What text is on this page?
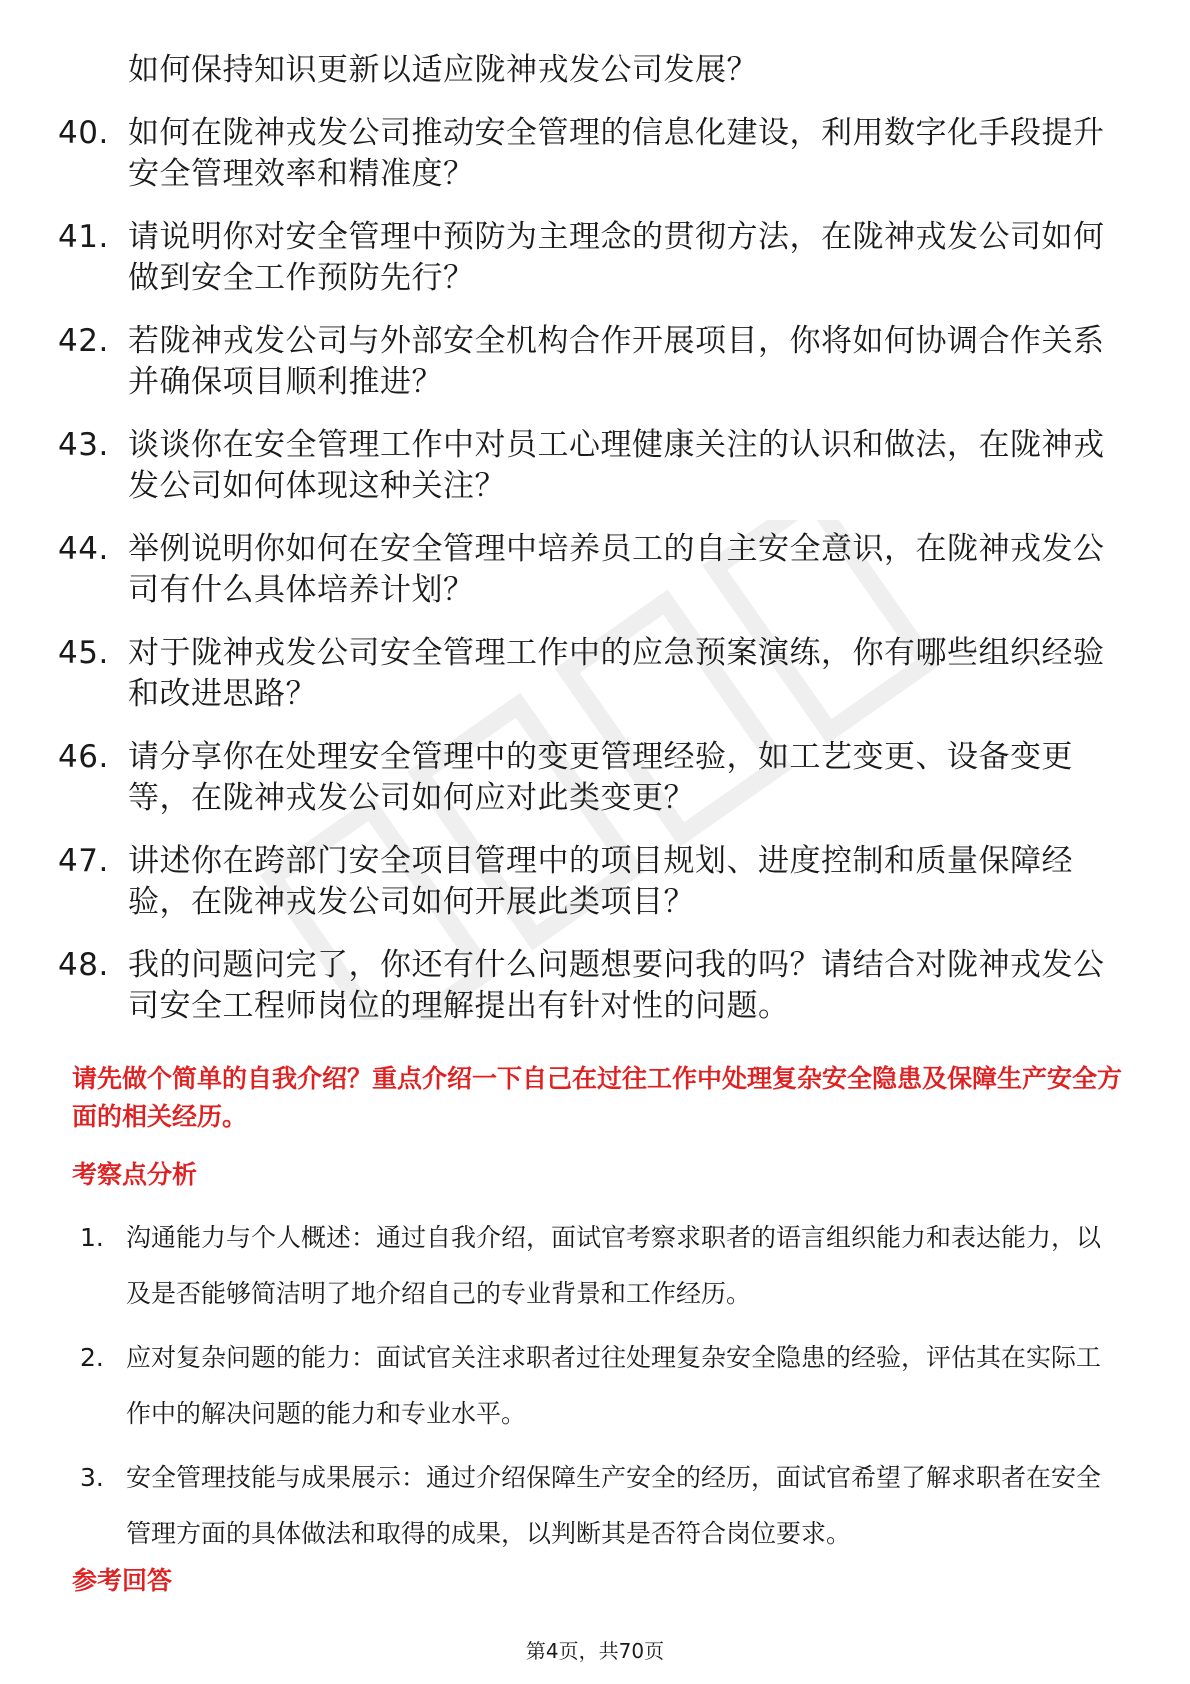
如何保持知识更新以适应陇神戎发公司发展？
40. 如何在陇神戎发公司推动安全管理的信息化建设，利用数字化手段提升安全管理效率和精准度？
41. 请说明你对安全管理中预防为主理念的贯彻方法，在陇神戎发公司如何做到安全工作预防先行？
42. 若陇神戎发公司与外部安全机构合作开展项目，你将如何协调合作关系并确保项目顺利推进？
43. 谈谈你在安全管理工作中对员工心理健康关注的认识和做法，在陇神戎发公司如何体现这种关注？
44. 举例说明你如何在安全管理中培养员工的自主安全意识，在陇神戎发公司有什么具体培养计划？
45. 对于陇神戎发公司安全管理工作中的应急预案演练，你有哪些组织经验和改进思路？
46. 请分享你在处理安全管理中的变更管理经验，如工艺变更、设备变更等，在陇神戎发公司如何应对此类变更？
47. 讲述你在跨部门安全项目管理中的项目规划、进度控制和质量保障经验，在陇神戎发公司如何开展此类项目？
48. 我的问题问完了，你还有什么问题想要问我的吗？请结合对陇神戎发公司安全工程师岗位的理解提出有针对性的问题。
请先做个简单的自我介绍？重点介绍一下自己在过往工作中处理复杂安全隐患及保障生产安全方面的相关经历。
考察点分析
1. 沟通能力与个人概述：通过自我介绍，面试官考察求职者的语言组织能力和表达能力，以及是否能够简洁明了地介绍自己的专业背景和工作经历。
2. 应对复杂问题的能力：面试官关注求职者过往处理复杂安全隐患的经验，评估其在实际工作中的解决问题的能力和专业水平。
3. 安全管理技能与成果展示：通过介绍保障生产安全的经历，面试官希望了解求职者在安全管理方面的具体做法和取得的成果，以判断其是否符合岗位要求。
参考回答
第4页，共70页
